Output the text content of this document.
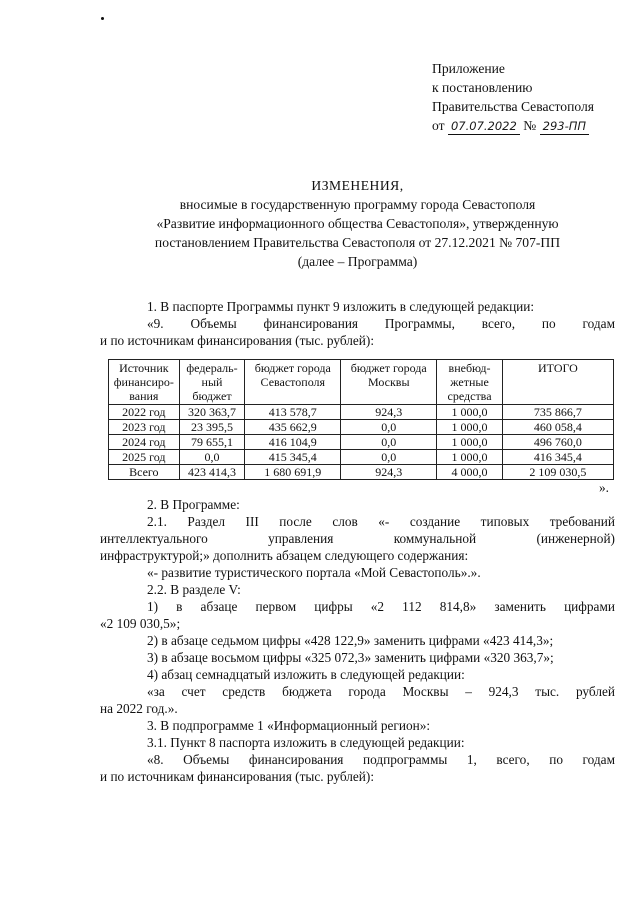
Приложение
к постановлению
Правительства Севастополя
от 07.07.2022 № 293-ПП
ИЗМЕНЕНИЯ,
вносимые в государственную программу города Севастополя
«Развитие информационного общества Севастополя», утвержденную
постановлением Правительства Севастополя от 27.12.2021 № 707-ПП
(далее – Программа)

1. В паспорте Программы пункт 9 изложить в следующей редакции:

«9. Объемы финансирования Программы, всего, по годам

и по источникам финансирования (тыс. рублей):

Источник финансиро-вания	федераль-ный бюджет	бюджет города Севастополя	бюджет города Москвы	внебюд-жетные средства	ИТОГО
2022 год	320 363,7	413 578,7	924,3	1 000,0	735 866,7
2023 год	23 395,5	435 662,9	0,0	1 000,0	460 058,4
2024 год	79 655,1	416 104,9	0,0	1 000,0	496 760,0
2025 год	0,0	415 345,4	0,0	1 000,0	416 345,4
Всего	423 414,3	1 680 691,9	924,3	4 000,0	2 109 030,5
».

2. В Программе:

2.1. Раздел III после слов «- создание типовых требований

интеллектуального управления коммунальной (инженерной)

инфраструктурой;» дополнить абзацем следующего содержания:

«- развитие туристического портала «Мой Севастополь».».

2.2. В разделе V:

1) в абзаце первом цифры «2 112 814,8» заменить цифрами

«2 109 030,5»;

2) в абзаце седьмом цифры «428 122,9» заменить цифрами «423 414,3»;

3) в абзаце восьмом цифры «325 072,3» заменить цифрами «320 363,7»;

4) абзац семнадцатый изложить в следующей редакции:

«за счет средств бюджета города Москвы – 924,3 тыс. рублей

на 2022 год.».

3. В подпрограмме 1 «Информационный регион»:

3.1. Пункт 8 паспорта изложить в следующей редакции:

«8. Объемы финансирования подпрограммы 1, всего, по годам

и по источникам финансирования (тыс. рублей):
